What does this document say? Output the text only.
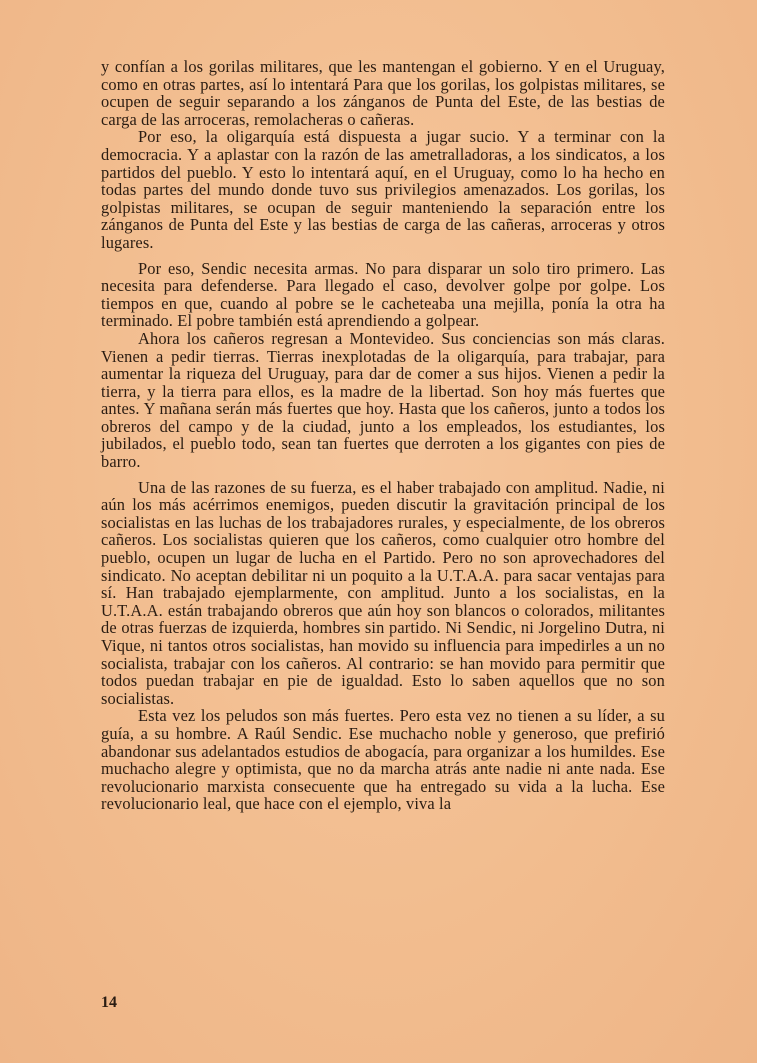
y confían a los gorilas militares, que les mantengan el gobierno. Y en el Uruguay, como en otras partes, así lo intentará Para que los gorilas, los golpistas militares, se ocupen de seguir separando a los zánganos de Punta del Este, de las bestias de carga de las arroceras, remolacheras o cañeras.

Por eso, la oligarquía está dispuesta a jugar sucio. Y a terminar con la democracia. Y a aplastar con la razón de las ametralladoras, a los sindicatos, a los partidos del pueblo. Y esto lo intentará aquí, en el Uruguay, como lo ha hecho en todas partes del mundo donde tuvo sus privilegios amenazados. Los gorilas, los golpistas militares, se ocupan de seguir manteniendo la separación entre los zánganos de Punta del Este y las bestias de carga de las cañeras, arroceras y otros lugares.

Por eso, Sendic necesita armas. No para disparar un solo tiro primero. Las necesita para defenderse. Para llegado el caso, devolver golpe por golpe. Los tiempos en que, cuando al pobre se le cacheteaba una mejilla, ponía la otra ha terminado. El pobre también está aprendiendo a golpear.

Ahora los cañeros regresan a Montevideo. Sus conciencias son más claras. Vienen a pedir tierras. Tierras inexplotadas de la oligarquía, para trabajar, para aumentar la riqueza del Uruguay, para dar de comer a sus hijos. Vienen a pedir la tierra, y la tierra para ellos, es la madre de la libertad. Son hoy más fuertes que antes. Y mañana serán más fuertes que hoy. Hasta que los cañeros, junto a todos los obreros del campo y de la ciudad, junto a los empleados, los estudiantes, los jubilados, el pueblo todo, sean tan fuertes que derroten a los gigantes con pies de barro.

Una de las razones de su fuerza, es el haber trabajado con amplitud. Nadie, ni aún los más acérrimos enemigos, pueden discutir la gravitación principal de los socialistas en las luchas de los trabajadores rurales, y especialmente, de los obreros cañeros. Los socialistas quieren que los cañeros, como cualquier otro hombre del pueblo, ocupen un lugar de lucha en el Partido. Pero no son aprovechadores del sindicato. No aceptan debilitar ni un poquito a la U.T.A.A. para sacar ventajas para sí. Han trabajado ejemplarmente, con amplitud. Junto a los socialistas, en la U.T.A.A. están trabajando obreros que aún hoy son blancos o colorados, militantes de otras fuerzas de izquierda, hombres sin partido. Ni Sendic, ni Jorgelino Dutra, ni Vique, ni tantos otros socialistas, han movido su influencia para impedirles a un no socialista, trabajar con los cañeros. Al contrario: se han movido para permitir que todos puedan trabajar en pie de igualdad. Esto lo saben aquellos que no son socialistas.

Esta vez los peludos son más fuertes. Pero esta vez no tienen a su líder, a su guía, a su hombre. A Raúl Sendic. Ese muchacho noble y generoso, que prefirió abandonar sus adelantados estudios de abogacía, para organizar a los humildes. Ese muchacho alegre y optimista, que no da marcha atrás ante nadie ni ante nada. Ese revolucionario marxista consecuente que ha entregado su vida a la lucha. Ese revolucionario leal, que hace con el ejemplo, viva la

14
